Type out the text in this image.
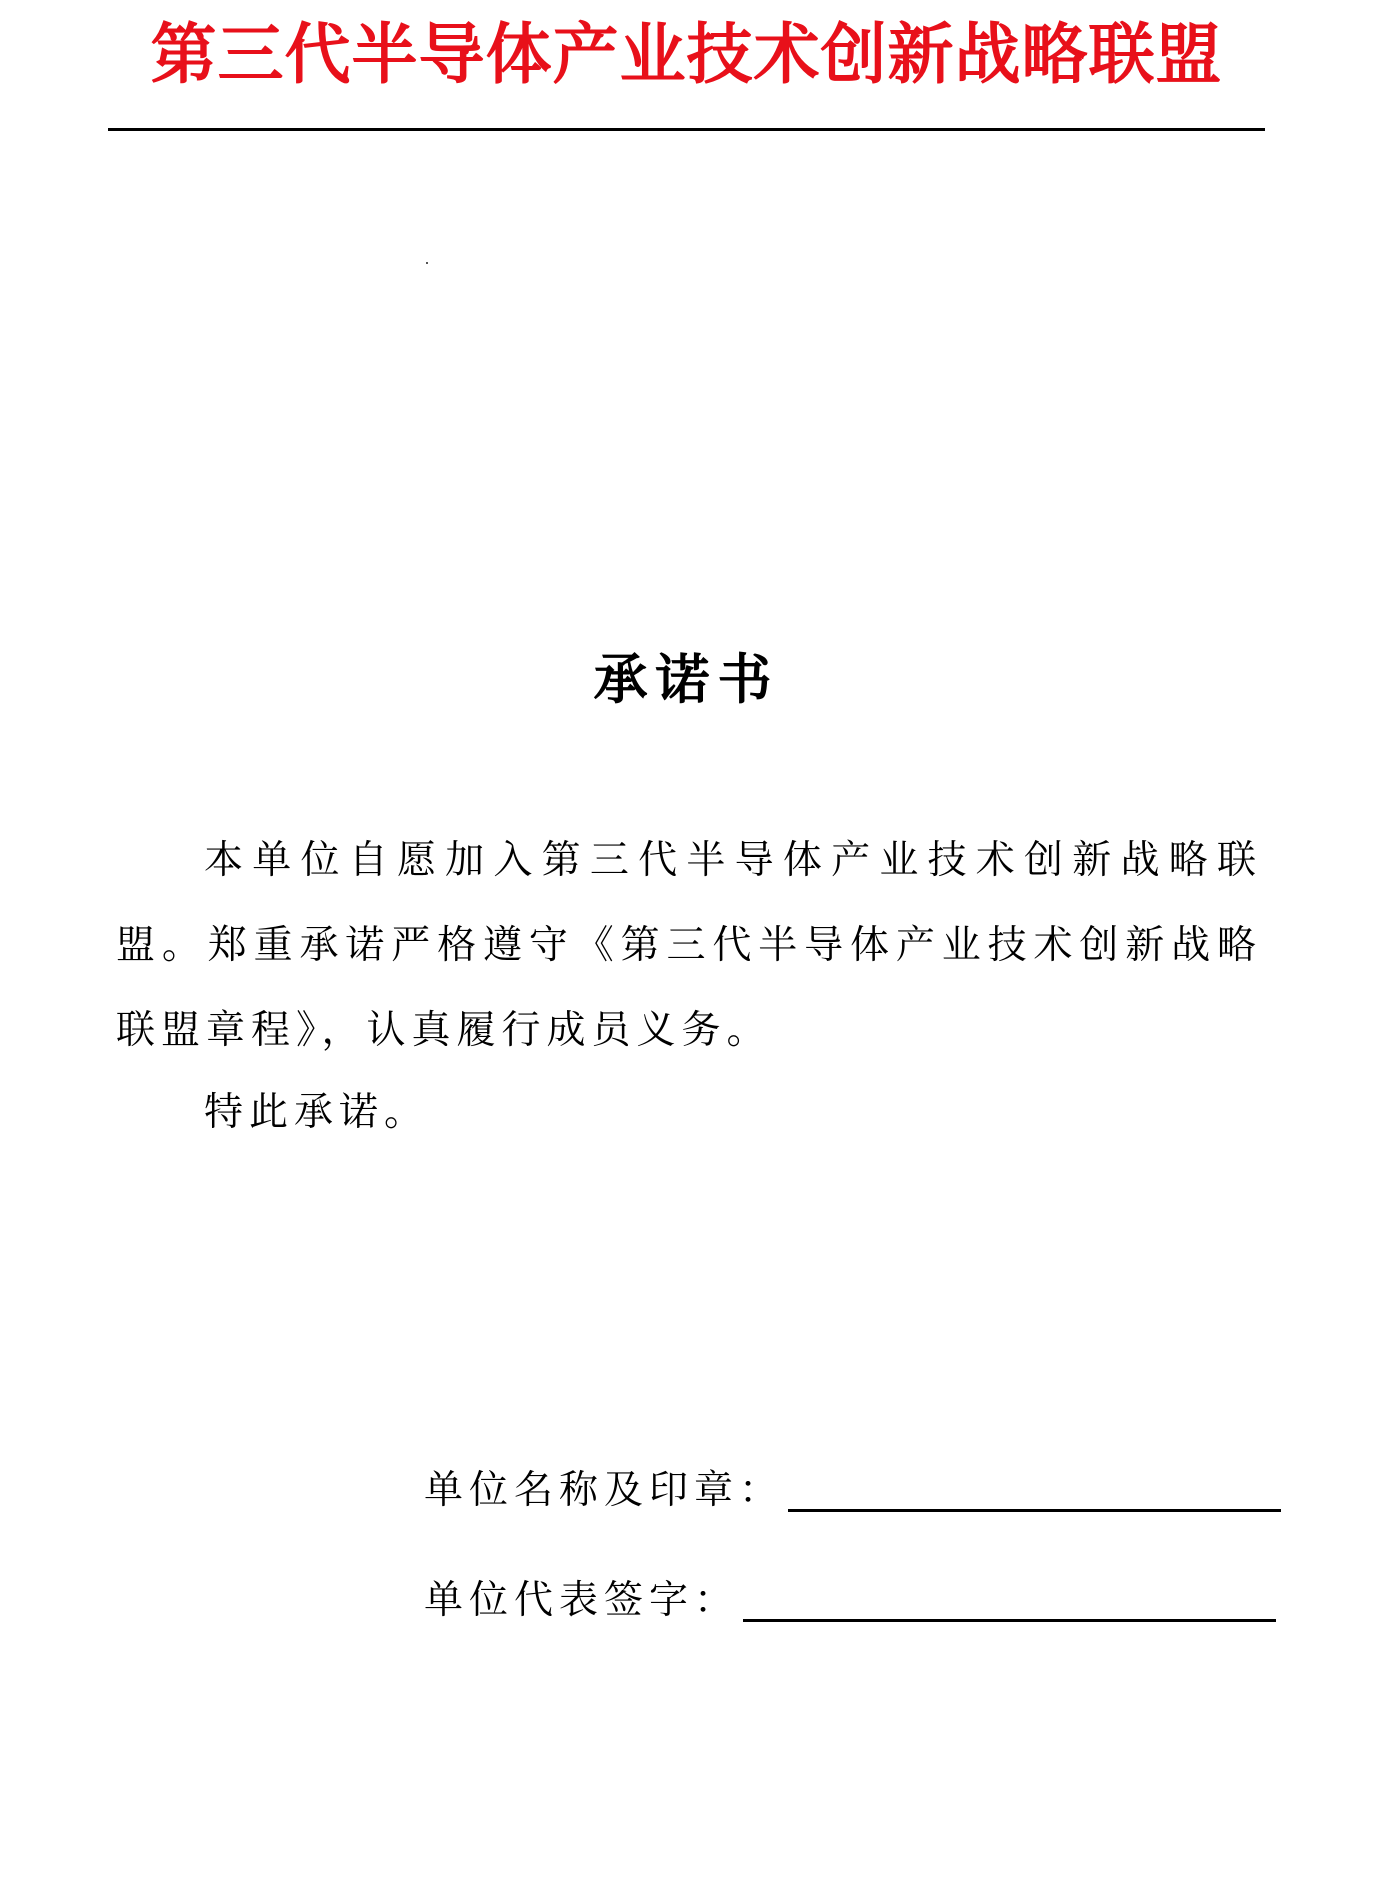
第三代半导体产业技术创新战略联盟
承诺书

本单位自愿加入第三代半导体产业技术创新战略联盟。郑重承诺严格遵守《第三代半导体产业技术创新战略联盟章程》，认真履行成员义务。

特此承诺。
单位名称及印章：
单位代表签字：
